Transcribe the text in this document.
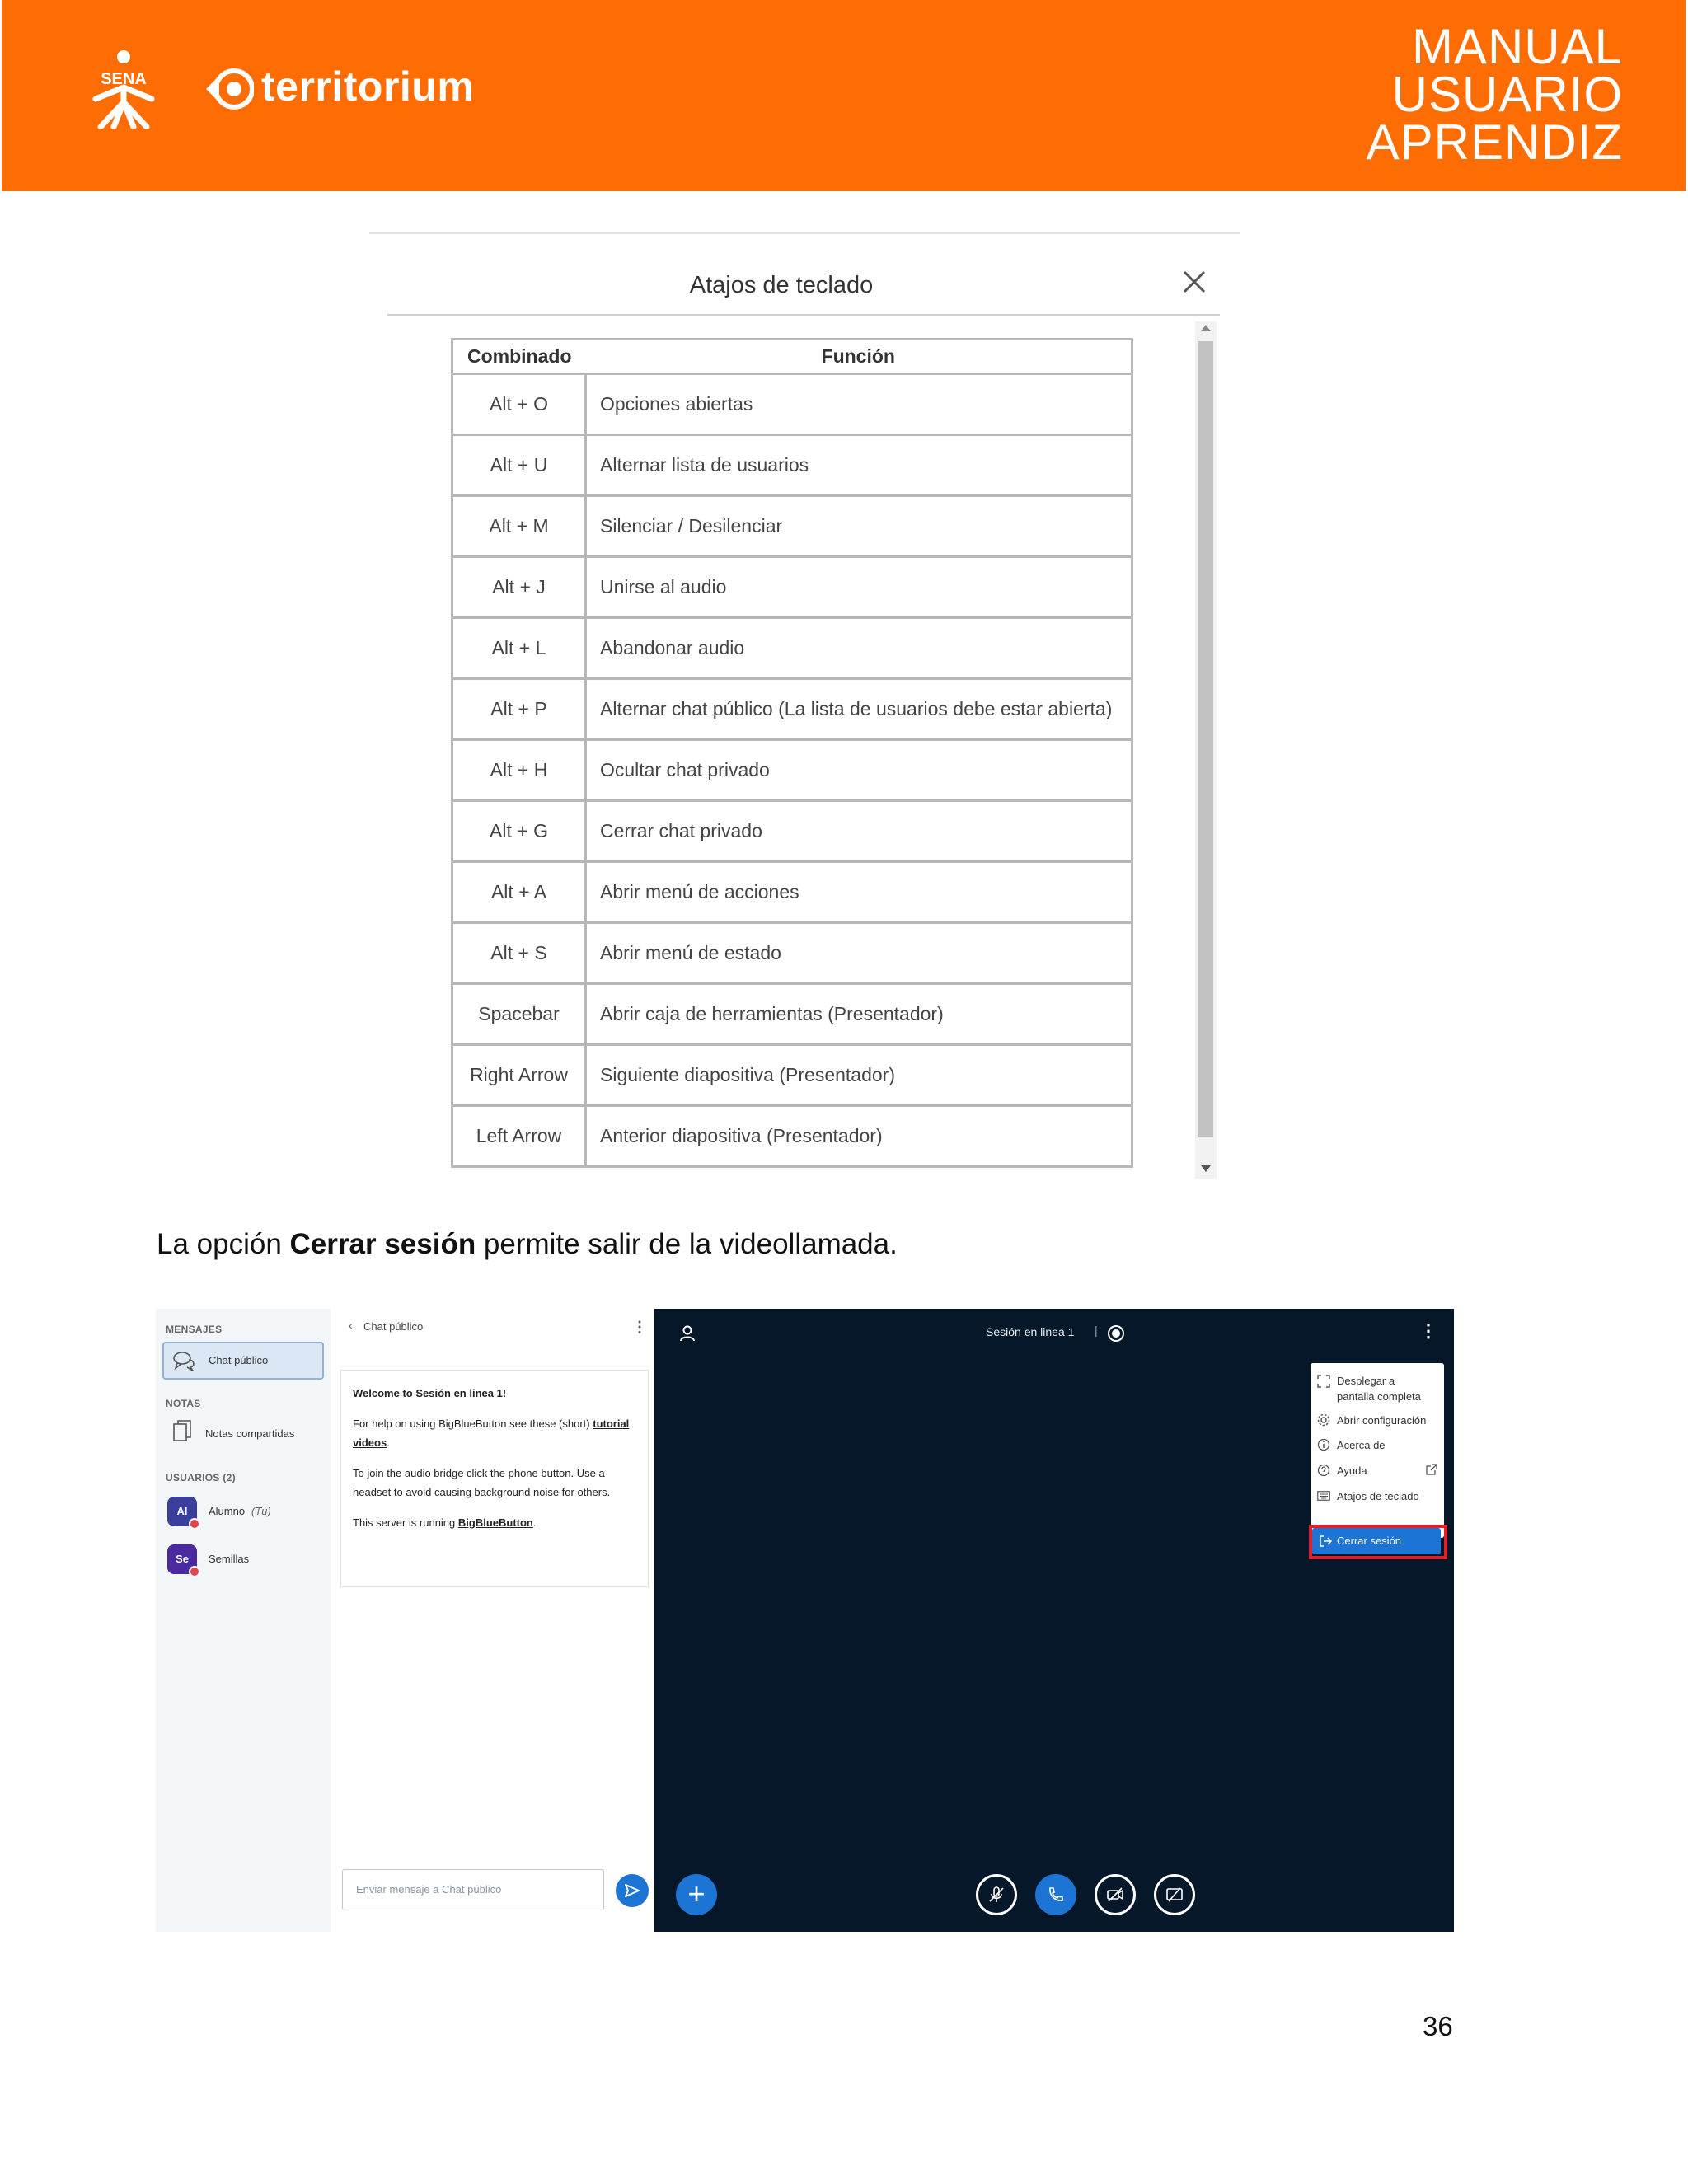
SENA	territorium
MANUAL
USUARIO
APRENDIZ
Atajos de teclado
Combinado	Función
Alt + O	Opciones abiertas
Alt + U	Alternar lista de usuarios
Alt + M	Silenciar / Desilenciar
Alt + J	Unirse al audio
Alt + L	Abandonar audio
Alt + P	Alternar chat público (La lista de usuarios debe estar abierta)
Alt + H	Ocultar chat privado
Alt + G	Cerrar chat privado
Alt + A	Abrir menú de acciones
Alt + S	Abrir menú de estado
Spacebar	Abrir caja de herramientas (Presentador)
Right Arrow	Siguiente diapositiva (Presentador)
Left Arrow	Anterior diapositiva (Presentador)
La opción Cerrar sesión permite salir de la videollamada.
MENSAJES
Chat público
NOTAS
Notas compartidas
USUARIOS (2)
Al	Alumno (Tú)
Se	Semillas
‹ Chat público	⋮

Welcome to Sesión en linea 1!

For help on using BigBlueButton see these (short) tutorial videos.

To join the audio bridge click the phone button. Use a headset to avoid causing background noise for others.

This server is running BigBlueButton.

Enviar mensaje a Chat público
Sesión en linea 1 |	⋮
Desplegar a
pantalla completa
Abrir configuración
Acerca de
Ayuda
Atajos de teclado
Cerrar sesión
+
36
